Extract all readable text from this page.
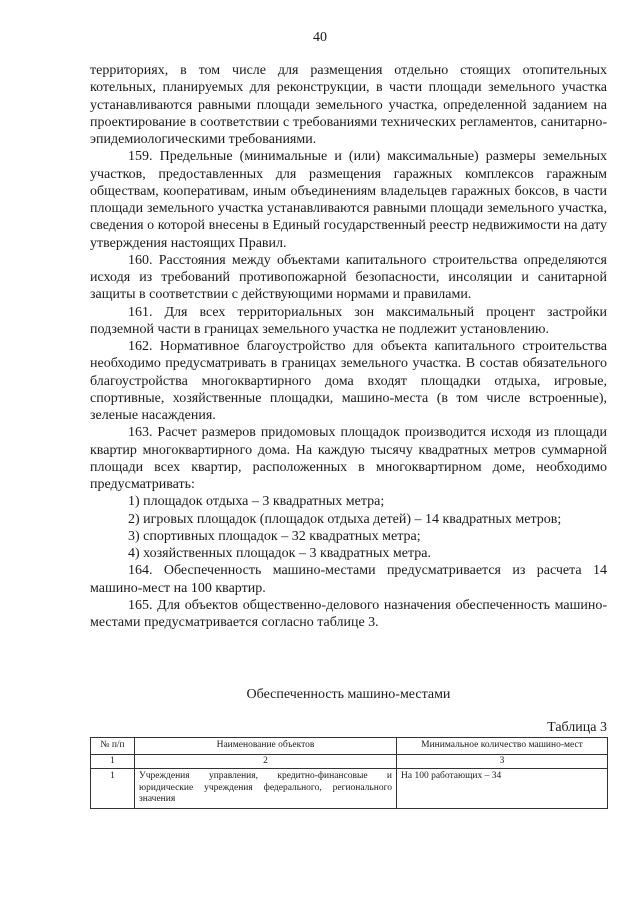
40

территориях, в том числе для размещения отдельно стоящих отопительных котельных, планируемых для реконструкции, в части площади земельного участка устанавливаются равными площади земельного участка, определенной заданием на проектирование в соответствии с требованиями технических регламентов, санитарно-эпидемиологическими требованиями.

159. Предельные (минимальные и (или) максимальные) размеры земельных участков, предоставленных для размещения гаражных комплексов гаражным обществам, кооперативам, иным объединениям владельцев гаражных боксов, в части площади земельного участка устанавливаются равными площади земельного участка, сведения о которой внесены в Единый государственный реестр недвижимости на дату утверждения настоящих Правил.

160. Расстояния между объектами капитального строительства определяются исходя из требований противопожарной безопасности, инсоляции и санитарной защиты в соответствии с действующими нормами и правилами.

161. Для всех территориальных зон максимальный процент застройки подземной части в границах земельного участка не подлежит установлению.

162. Нормативное благоустройство для объекта капитального строительства необходимо предусматривать в границах земельного участка. В состав обязательного благоустройства многоквартирного дома входят площадки отдыха, игровые, спортивные, хозяйственные площадки, машино-места (в том числе встроенные), зеленые насаждения.

163. Расчет размеров придомовых площадок производится исходя из площади квартир многоквартирного дома. На каждую тысячу квадратных метров суммарной площади всех квартир, расположенных в многоквартирном доме, необходимо предусматривать:

1) площадок отдыха – 3 квадратных метра;

2) игровых площадок (площадок отдыха детей) – 14 квадратных метров;

3) спортивных площадок – 32 квадратных метра;

4) хозяйственных площадок – 3 квадратных метра.

164. Обеспеченность машино-местами предусматривается из расчета 14 машино-мест на 100 квартир.

165. Для объектов общественно-делового назначения обеспеченность машино-местами предусматривается согласно таблице 3.

Обеспеченность машино-местами
Таблица 3
№ п/п	Наименование объектов	Минимальное количество машино-мест
1	2	3
1	Учреждения управления, кредитно-финансовые и юридические учреждения федерального, регионального значения	На 100 работающих – 34
